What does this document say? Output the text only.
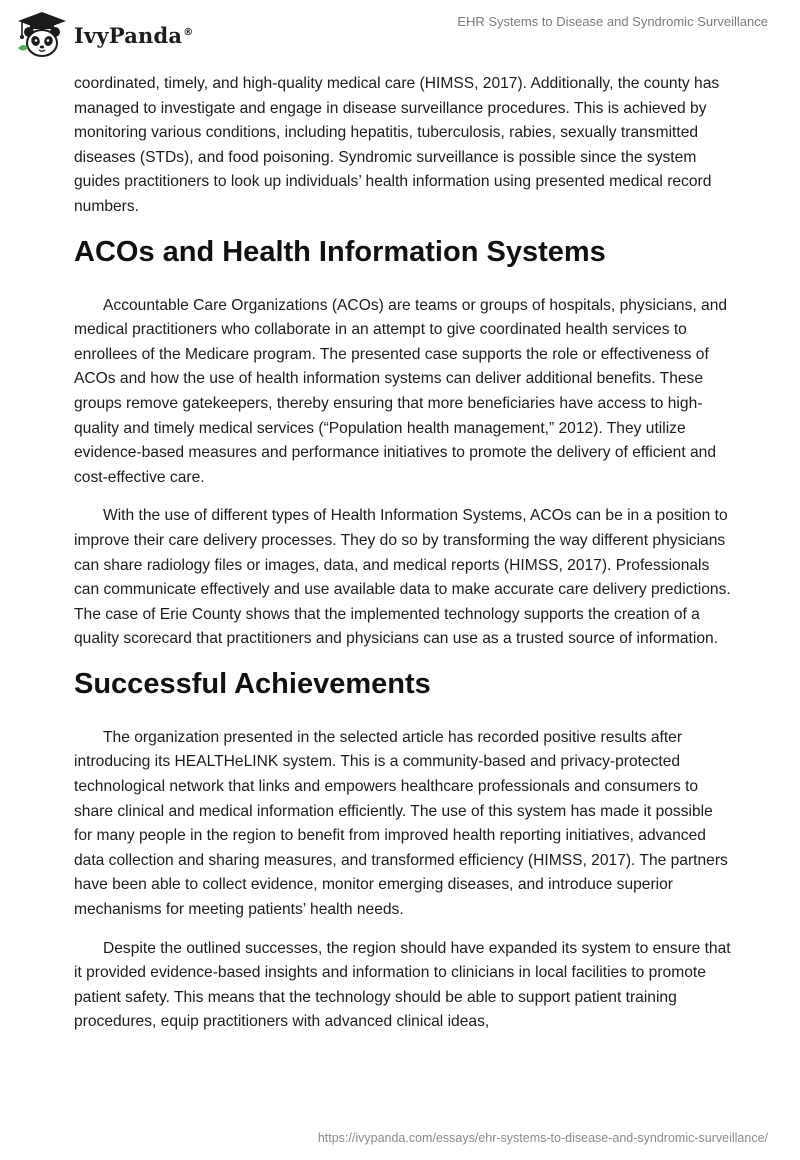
IvyPanda®
EHR Systems to Disease and Syndromic Surveillance

coordinated, timely, and high-quality medical care (HIMSS, 2017). Additionally, the county has managed to investigate and engage in disease surveillance procedures. This is achieved by monitoring various conditions, including hepatitis, tuberculosis, rabies, sexually transmitted diseases (STDs), and food poisoning. Syndromic surveillance is possible since the system guides practitioners to look up individuals’ health information using presented medical record numbers.

ACOs and Health Information Systems

Accountable Care Organizations (ACOs) are teams or groups of hospitals, physicians, and medical practitioners who collaborate in an attempt to give coordinated health services to enrollees of the Medicare program. The presented case supports the role or effectiveness of ACOs and how the use of health information systems can deliver additional benefits. These groups remove gatekeepers, thereby ensuring that more beneficiaries have access to high-quality and timely medical services (“Population health management,” 2012). They utilize evidence-based measures and performance initiatives to promote the delivery of efficient and cost-effective care.

With the use of different types of Health Information Systems, ACOs can be in a position to improve their care delivery processes. They do so by transforming the way different physicians can share radiology files or images, data, and medical reports (HIMSS, 2017). Professionals can communicate effectively and use available data to make accurate care delivery predictions. The case of Erie County shows that the implemented technology supports the creation of a quality scorecard that practitioners and physicians can use as a trusted source of information.

Successful Achievements

The organization presented in the selected article has recorded positive results after introducing its HEALTHeLINK system. This is a community-based and privacy-protected technological network that links and empowers healthcare professionals and consumers to share clinical and medical information efficiently. The use of this system has made it possible for many people in the region to benefit from improved health reporting initiatives, advanced data collection and sharing measures, and transformed efficiency (HIMSS, 2017). The partners have been able to collect evidence, monitor emerging diseases, and introduce superior mechanisms for meeting patients’ health needs.

Despite the outlined successes, the region should have expanded its system to ensure that it provided evidence-based insights and information to clinicians in local facilities to promote patient safety. This means that the technology should be able to support patient training procedures, equip practitioners with advanced clinical ideas,

https://ivypanda.com/essays/ehr-systems-to-disease-and-syndromic-surveillance/
